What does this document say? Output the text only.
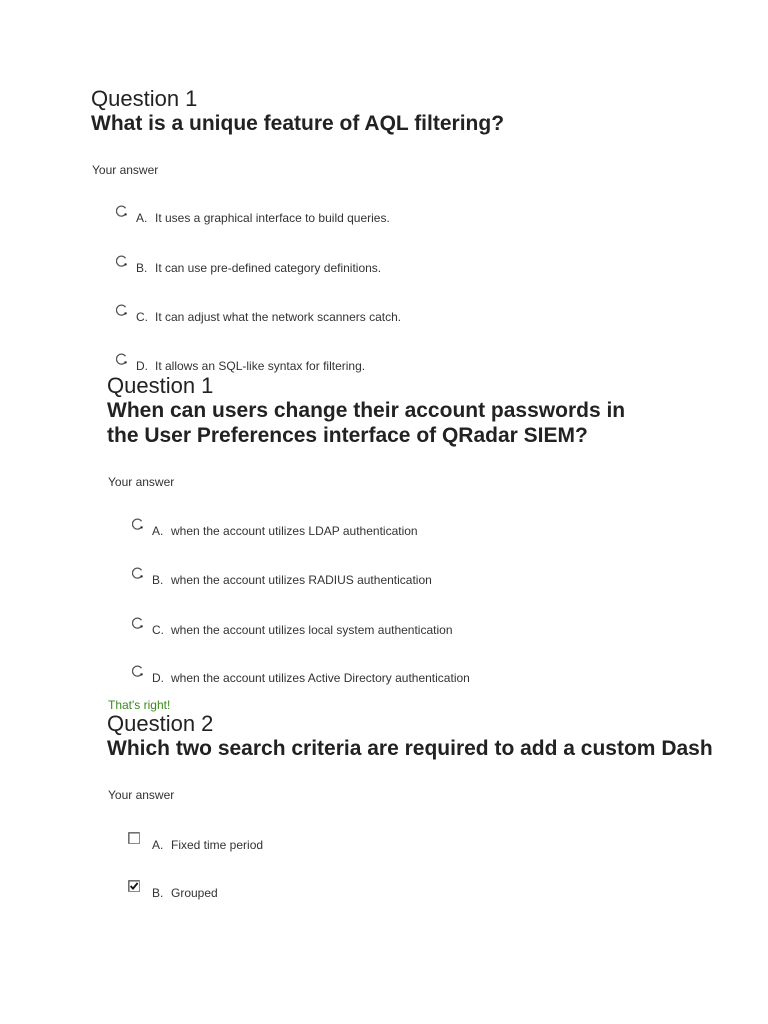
Question 1
What is a unique feature of AQL filtering?
Your answer
A. It uses a graphical interface to build queries.
B. It can use pre-defined category definitions.
C. It can adjust what the network scanners catch.
D. It allows an SQL-like syntax for filtering.
Question 1
When can users change their account passwords in
the User Preferences interface of QRadar SIEM?
Your answer
A. when the account utilizes LDAP authentication
B. when the account utilizes RADIUS authentication
C. when the account utilizes local system authentication
D. when the account utilizes Active Directory authentication
That's right!
Question 2
Which two search criteria are required to add a custom Dash
Your answer
A. Fixed time period
B. Grouped
